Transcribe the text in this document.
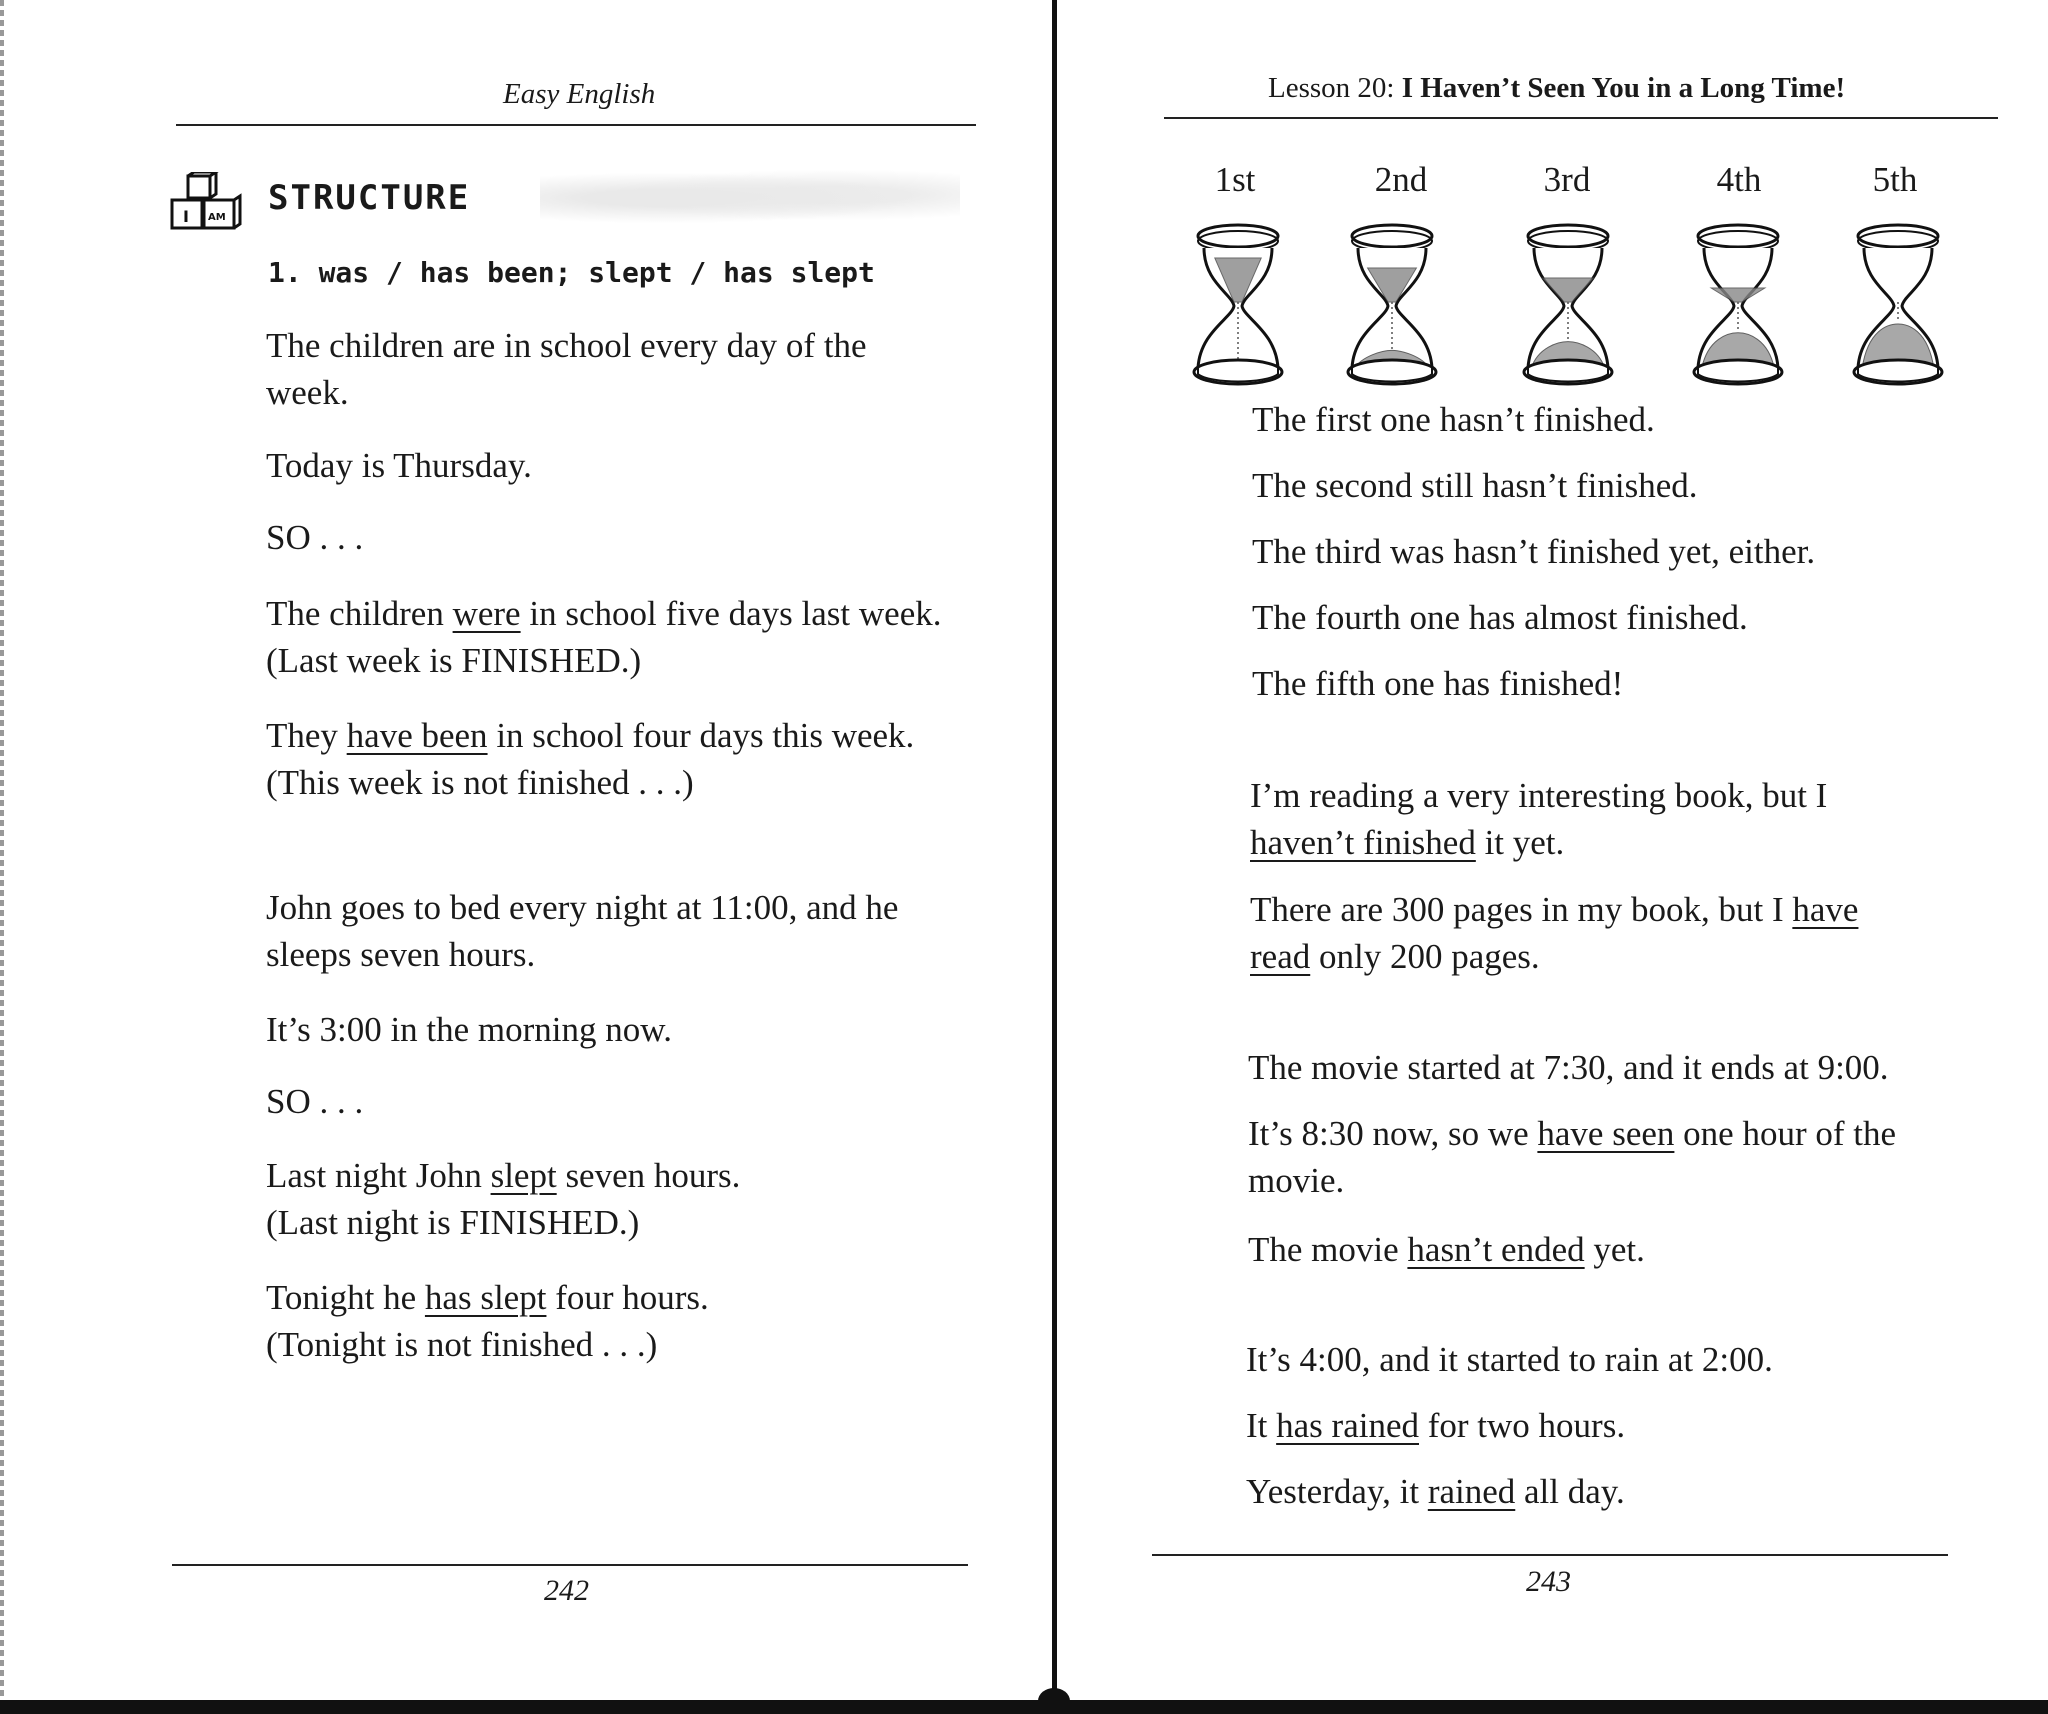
Easy English
I AM STRUCTURE
1. was / has been; slept / has slept
The children are in school every day of the
week.
Today is Thursday.
SO . . .
The children were in school five days last week.
(Last week is FINISHED.)
They have been in school four days this week.
(This week is not finished . . .)
John goes to bed every night at 11:00, and he
sleeps seven hours.
It’s 3:00 in the morning now.
SO . . .
Last night John slept seven hours.
(Last night is FINISHED.)
Tonight he has slept four hours.
(Tonight is not finished . . .)
242
Lesson 20: I Haven’t Seen You in a Long Time!
1st	2nd	3rd	4th	5th
The first one hasn’t finished.
The second still hasn’t finished.
The third was hasn’t finished yet, either.
The fourth one has almost finished.
The fifth one has finished!
I’m reading a very interesting book, but I
haven’t finished it yet.
There are 300 pages in my book, but I have
read only 200 pages.
The movie started at 7:30, and it ends at 9:00.
It’s 8:30 now, so we have seen one hour of the
movie.
The movie hasn’t ended yet.
It’s 4:00, and it started to rain at 2:00.
It has rained for two hours.
Yesterday, it rained all day.
243
